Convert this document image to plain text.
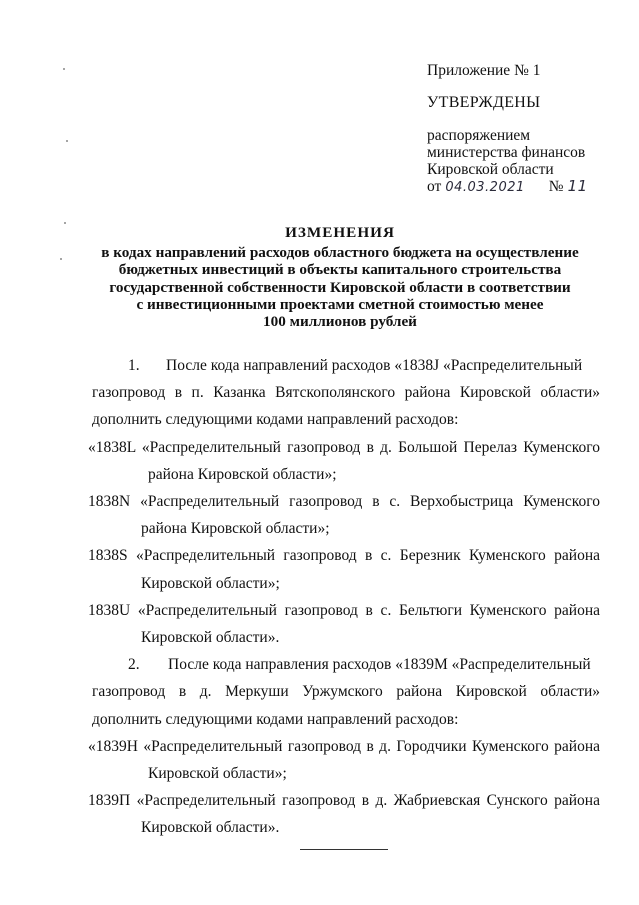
Приложение № 1
УТВЕРЖДЕНЫ
распоряжением
министерства финансов
Кировской области
от 04.03.2021 № 11
ИЗМЕНЕНИЯ
в кодах направлений расходов областного бюджета на осуществление
бюджетных инвестиций в объекты капитального строительства
государственной собственности Кировской области в соответствии
с инвестиционными проектами сметной стоимостью менее
100 миллионов рублей
1. После кода направлений расходов «1838J «Распределительный
газопровод в п. Казанка Вятскополянского района Кировской области» дополнить следующими кодами направлений расходов:
«1838L «Распределительный газопровод в д. Большой Перелаз Куменского района Кировской области»;
1838N «Распределительный газопровод в с. Верхобыстрица Куменского района Кировской области»;
1838S «Распределительный газопровод в с. Березник Куменского района Кировской области»;
1838U «Распределительный газопровод в с. Бельтюги Куменского района Кировской области».
2. После кода направления расходов «1839М «Распределительный
газопровод в д. Меркуши Уржумского района Кировской области» дополнить следующими кодами направлений расходов:
«1839Н «Распределительный газопровод в д. Городчики Куменского района Кировской области»;
1839П «Распределительный газопровод в д. Жабриевская Сунского района Кировской области».
